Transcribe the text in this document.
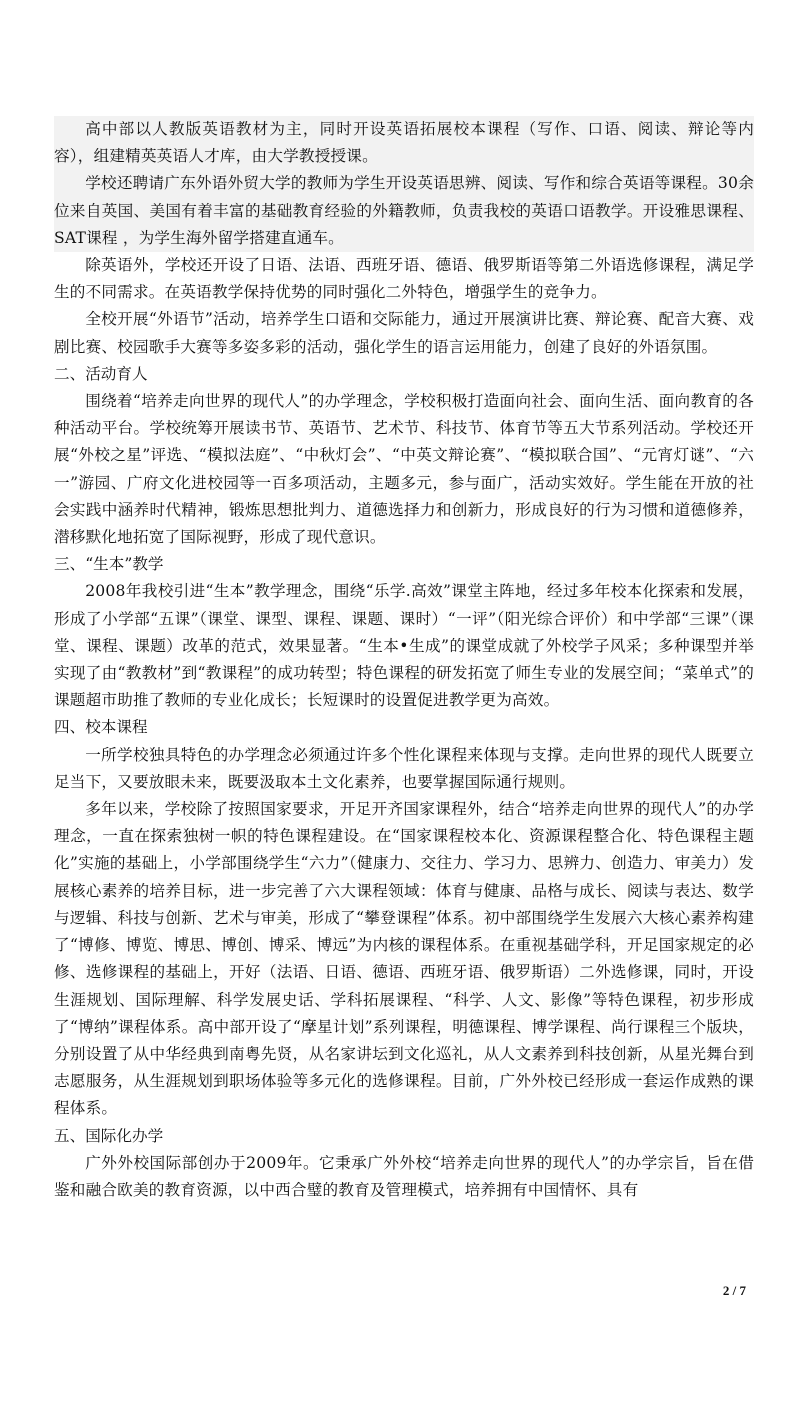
高中部以人教版英语教材为主，同时开设英语拓展校本课程（写作、口语、阅读、辩论等内容），组建精英英语人才库，由大学教授授课。

学校还聘请广东外语外贸大学的教师为学生开设英语思辨、阅读、写作和综合英语等课程。30余位来自英国、美国有着丰富的基础教育经验的外籍教师，负责我校的英语口语教学。开设雅思课程、SAT课程 ，为学生海外留学搭建直通车。

除英语外，学校还开设了日语、法语、西班牙语、德语、俄罗斯语等第二外语选修课程，满足学生的不同需求。在英语教学保持优势的同时强化二外特色，增强学生的竞争力。

全校开展“外语节”活动，培养学生口语和交际能力，通过开展演讲比赛、辩论赛、配音大赛、戏剧比赛、校园歌手大赛等多姿多彩的活动，强化学生的语言运用能力，创建了良好的外语氛围。

二、活动育人

围绕着“培养走向世界的现代人”的办学理念，学校积极打造面向社会、面向生活、面向教育的各种活动平台。学校统筹开展读书节、英语节、艺术节、科技节、体育节等五大节系列活动。学校还开展“外校之星”评选、“模拟法庭”、“中秋灯会”、“中英文辩论赛”、“模拟联合国”、“元宵灯谜”、“六一”游园、广府文化进校园等一百多项活动，主题多元，参与面广，活动实效好。学生能在开放的社会实践中涵养时代精神，锻炼思想批判力、道德选择力和创新力，形成良好的行为习惯和道德修养，潜移默化地拓宽了国际视野，形成了现代意识。

三、“生本”教学

2008年我校引进“生本”教学理念，围绕“乐学.高效”课堂主阵地，经过多年校本化探索和发展，形成了小学部“五课”（课堂、课型、课程、课题、课时）“一评”（阳光综合评价）和中学部“三课”（课堂、课程、课题）改革的范式，效果显著。“生本•生成”的课堂成就了外校学子风采；多种课型并举实现了由“教教材”到“教课程”的成功转型；特色课程的研发拓宽了师生专业的发展空间；“菜单式”的课题超市助推了教师的专业化成长；长短课时的设置促进教学更为高效。

四、校本课程

一所学校独具特色的办学理念必须通过许多个性化课程来体现与支撑。走向世界的现代人既要立足当下，又要放眼未来，既要汲取本土文化素养，也要掌握国际通行规则。

多年以来，学校除了按照国家要求，开足开齐国家课程外，结合“培养走向世界的现代人”的办学理念，一直在探索独树一帜的特色课程建设。在“国家课程校本化、资源课程整合化、特色课程主题化”实施的基础上，小学部围绕学生“六力”（健康力、交往力、学习力、思辨力、创造力、审美力）发展核心素养的培养目标，进一步完善了六大课程领域：体育与健康、品格与成长、阅读与表达、数学与逻辑、科技与创新、艺术与审美，形成了“攀登课程”体系。初中部围绕学生发展六大核心素养构建了“博修、博览、博思、博创、博采、博远”为内核的课程体系。在重视基础学科，开足国家规定的必修、选修课程的基础上，开好（法语、日语、德语、西班牙语、俄罗斯语）二外选修课，同时，开设生涯规划、国际理解、科学发展史话、学科拓展课程、“科学、人文、影像”等特色课程，初步形成了“博纳”课程体系。高中部开设了“摩星计划”系列课程，明德课程、博学课程、尚行课程三个版块，分别设置了从中华经典到南粤先贤，从名家讲坛到文化巡礼，从人文素养到科技创新，从星光舞台到志愿服务，从生涯规划到职场体验等多元化的选修课程。目前，广外外校已经形成一套运作成熟的课程体系。

五、国际化办学

广外外校国际部创办于2009年。它秉承广外外校“培养走向世界的现代人”的办学宗旨，旨在借鉴和融合欧美的教育资源，以中西合璧的教育及管理模式，培养拥有中国情怀、具有

2 / 7
